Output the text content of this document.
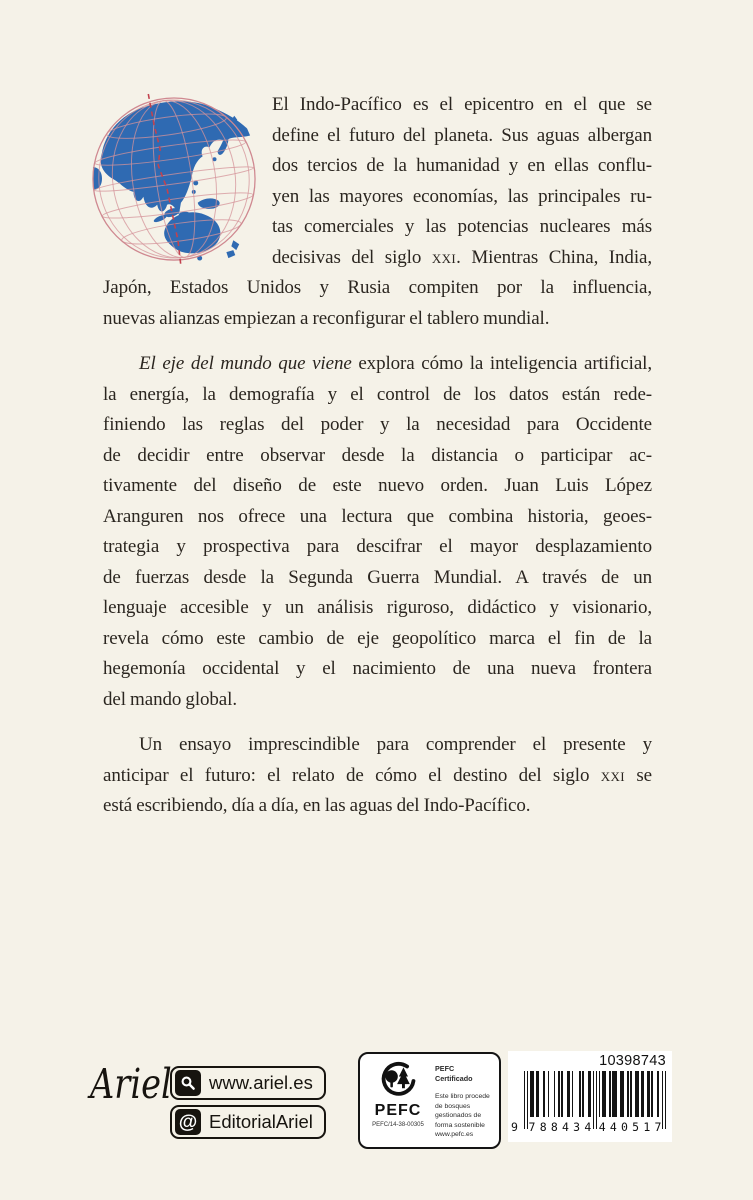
El Indo-Pacífico es el epicentro en el que se
define el futuro del planeta. Sus aguas albergan
dos tercios de la humanidad y en ellas conflu-
yen las mayores economías, las principales ru-
tas comerciales y las potencias nucleares más
decisivas del siglo xxi. Mientras China, India,
Japón, Estados Unidos y Rusia compiten por la influencia,
nuevas alianzas empiezan a reconfigurar el tablero mundial.
El eje del mundo que viene explora cómo la inteligencia artificial,
la energía, la demografía y el control de los datos están rede-
finiendo las reglas del poder y la necesidad para Occidente
de decidir entre observar desde la distancia o participar ac-
tivamente del diseño de este nuevo orden. Juan Luis López
Aranguren nos ofrece una lectura que combina historia, geoes-
trategia y prospectiva para descifrar el mayor desplazamiento
de fuerzas desde la Segunda Guerra Mundial. A través de un
lenguaje accesible y un análisis riguroso, didáctico y visionario,
revela cómo este cambio de eje geopolítico marca el fin de la
hegemonía occidental y el nacimiento de una nueva frontera
del mando global.
Un ensayo imprescindible para comprender el presente y
anticipar el futuro: el relato de cómo el destino del siglo xxi se
está escribiendo, día a día, en las aguas del Indo-Pacífico.
Ariel www.ariel.es
@ EditorialAriel
PEFC
PEFC/14-38-00305
PEFC Certificado
Este libro procede de bosques gestionados de forma sostenible
www.pefc.es
10398743
9 7 8 8 4 3 4 4 4 0 5 1 7
